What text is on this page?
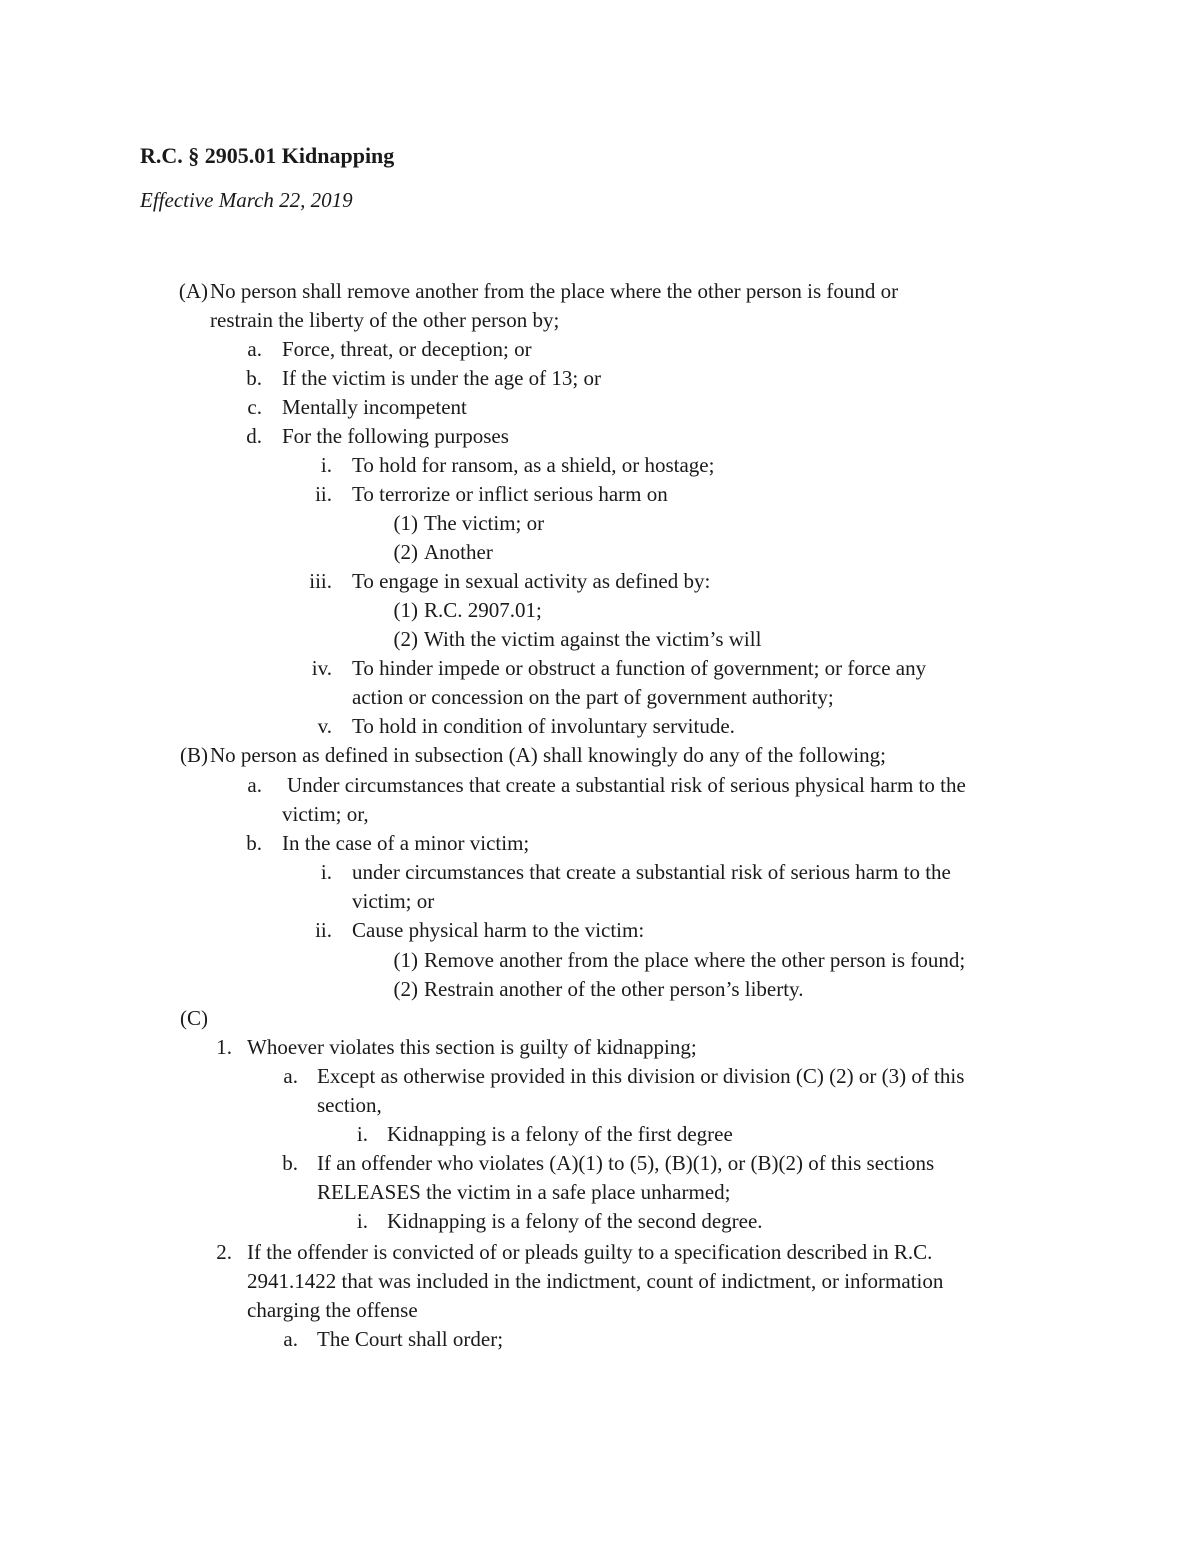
R.C. § 2905.01 Kidnapping

Effective March 22, 2019

(A) No person shall remove another from the place where the other person is found or
restrain the liberty of the other person by;
a. Force, threat, or deception; or
b. If the victim is under the age of 13; or
c. Mentally incompetent
d. For the following purposes
i. To hold for ransom, as a shield, or hostage;
ii. To terrorize or inflict serious harm on
(1) The victim; or
(2) Another
iii. To engage in sexual activity as defined by:
(1) R.C. 2907.01;
(2) With the victim against the victim’s will
iv. To hinder impede or obstruct a function of government; or force any
action or concession on the part of government authority;
v. To hold in condition of involuntary servitude.
(B) No person as defined in subsection (A) shall knowingly do any of the following;
a. Under circumstances that create a substantial risk of serious physical harm to the
victim; or,
b. In the case of a minor victim;
i. under circumstances that create a substantial risk of serious harm to the
victim; or
ii. Cause physical harm to the victim:
(1) Remove another from the place where the other person is found;
(2) Restrain another of the other person’s liberty.
(C)
1. Whoever violates this section is guilty of kidnapping;
a. Except as otherwise provided in this division or division (C) (2) or (3) of this
section,
i. Kidnapping is a felony of the first degree
b. If an offender who violates (A)(1) to (5), (B)(1), or (B)(2) of this sections
RELEASES the victim in a safe place unharmed;
i. Kidnapping is a felony of the second degree.
2. If the offender is convicted of or pleads guilty to a specification described in R.C.
2941.1422 that was included in the indictment, count of indictment, or information
charging the offense
a. The Court shall order;
